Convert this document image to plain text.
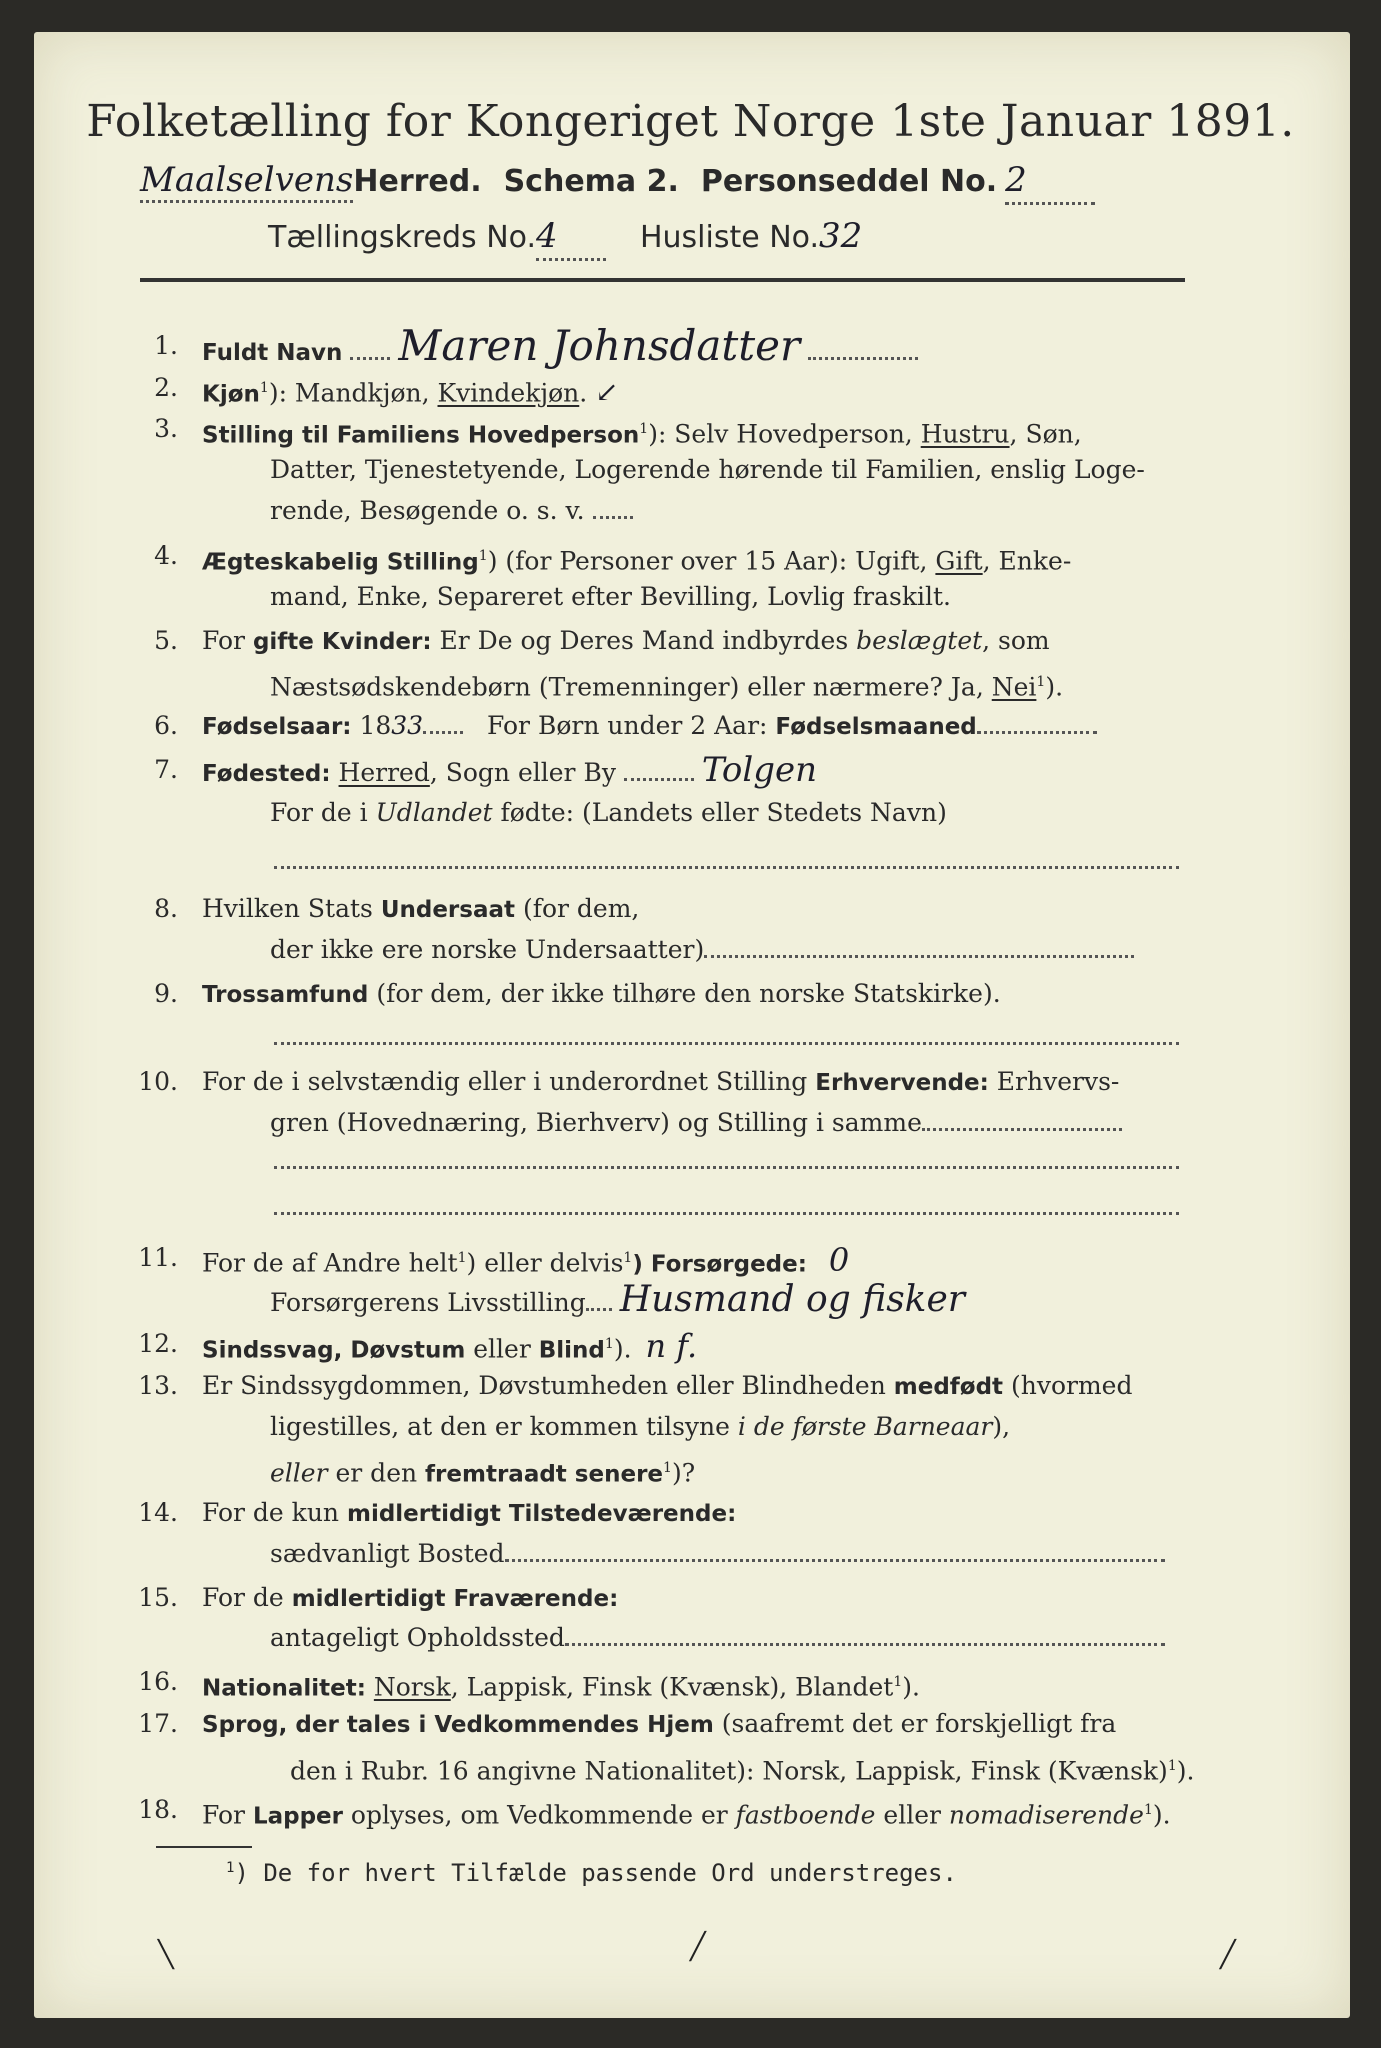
Folketælling for Kongeriget Norge 1ste Januar 1891.
MaalselvensHerred. Schema 2. Personseddel No. 2
Tællingskreds No.4	Husliste No.32
1. Fuldt Navn Maren Johnsdatter
2. Kjøn$^1$): Mandkjøn, Kvindekjøn. ↙
3. Stilling til Familiens Hovedperson$^1$): Selv Hovedperson, Hustru, Søn,
Datter, Tjenestetyende, Logerende hørende til Familien, enslig Loge-
rende, Besøgende o. s. v.
4. Ægteskabelig Stilling$^1$) (for Personer over 15 Aar): Ugift, Gift, Enke-
mand, Enke, Separeret efter Bevilling, Lovlig fraskilt.
5. For gifte Kvinder: Er De og Deres Mand indbyrdes beslægtet, som
Næstsødskendebørn (Tremenninger) eller nærmere? Ja, Nei$^1$).
6. Fødselsaar: 1833	For Børn under 2 Aar: Fødselsmaaned
7. Fødested: Herred, Sogn eller By	Tolgen
For de i Udlandet fødte: (Landets eller Stedets Navn)
8. Hvilken Stats Undersaat (for dem,
der ikke ere norske Undersaatter)
9. Trossamfund (for dem, der ikke tilhøre den norske Statskirke).
10. For de i selvstændig eller i underordnet Stilling Erhvervende: Erhvervs-
gren (Hovednæring, Bierhverv) og Stilling i samme
11. For de af Andre helt$^1$) eller delvis$^1$) Forsørgede: 0
Forsørgerens Livsstilling Husmand og fisker
12. Sindssvag, Døvstum eller Blind$^1$). n f.
13. Er Sindssygdommen, Døvstumheden eller Blindheden medfødt (hvormed
ligestilles, at den er kommen tilsyne i de første Barneaar),
eller er den fremtraadt senere$^1$)?
14. For de kun midlertidigt Tilstedeværende:
sædvanligt Bosted
15. For de midlertidigt Fraværende:
antageligt Opholdssted
16. Nationalitet: Norsk, Lappisk, Finsk (Kvænsk), Blandet$^1$).
17. Sprog, der tales i Vedkommendes Hjem (saafremt det er forskjelligt fra
den i Rubr. 16 angivne Nationalitet): Norsk, Lappisk, Finsk (Kvænsk)$^1$).
18. For Lapper oplyses, om Vedkommende er fastboende eller nomadiserende$^1$).
$^1$) De for hvert Tilfælde passende Ord understreges.
╲	╱	╱
